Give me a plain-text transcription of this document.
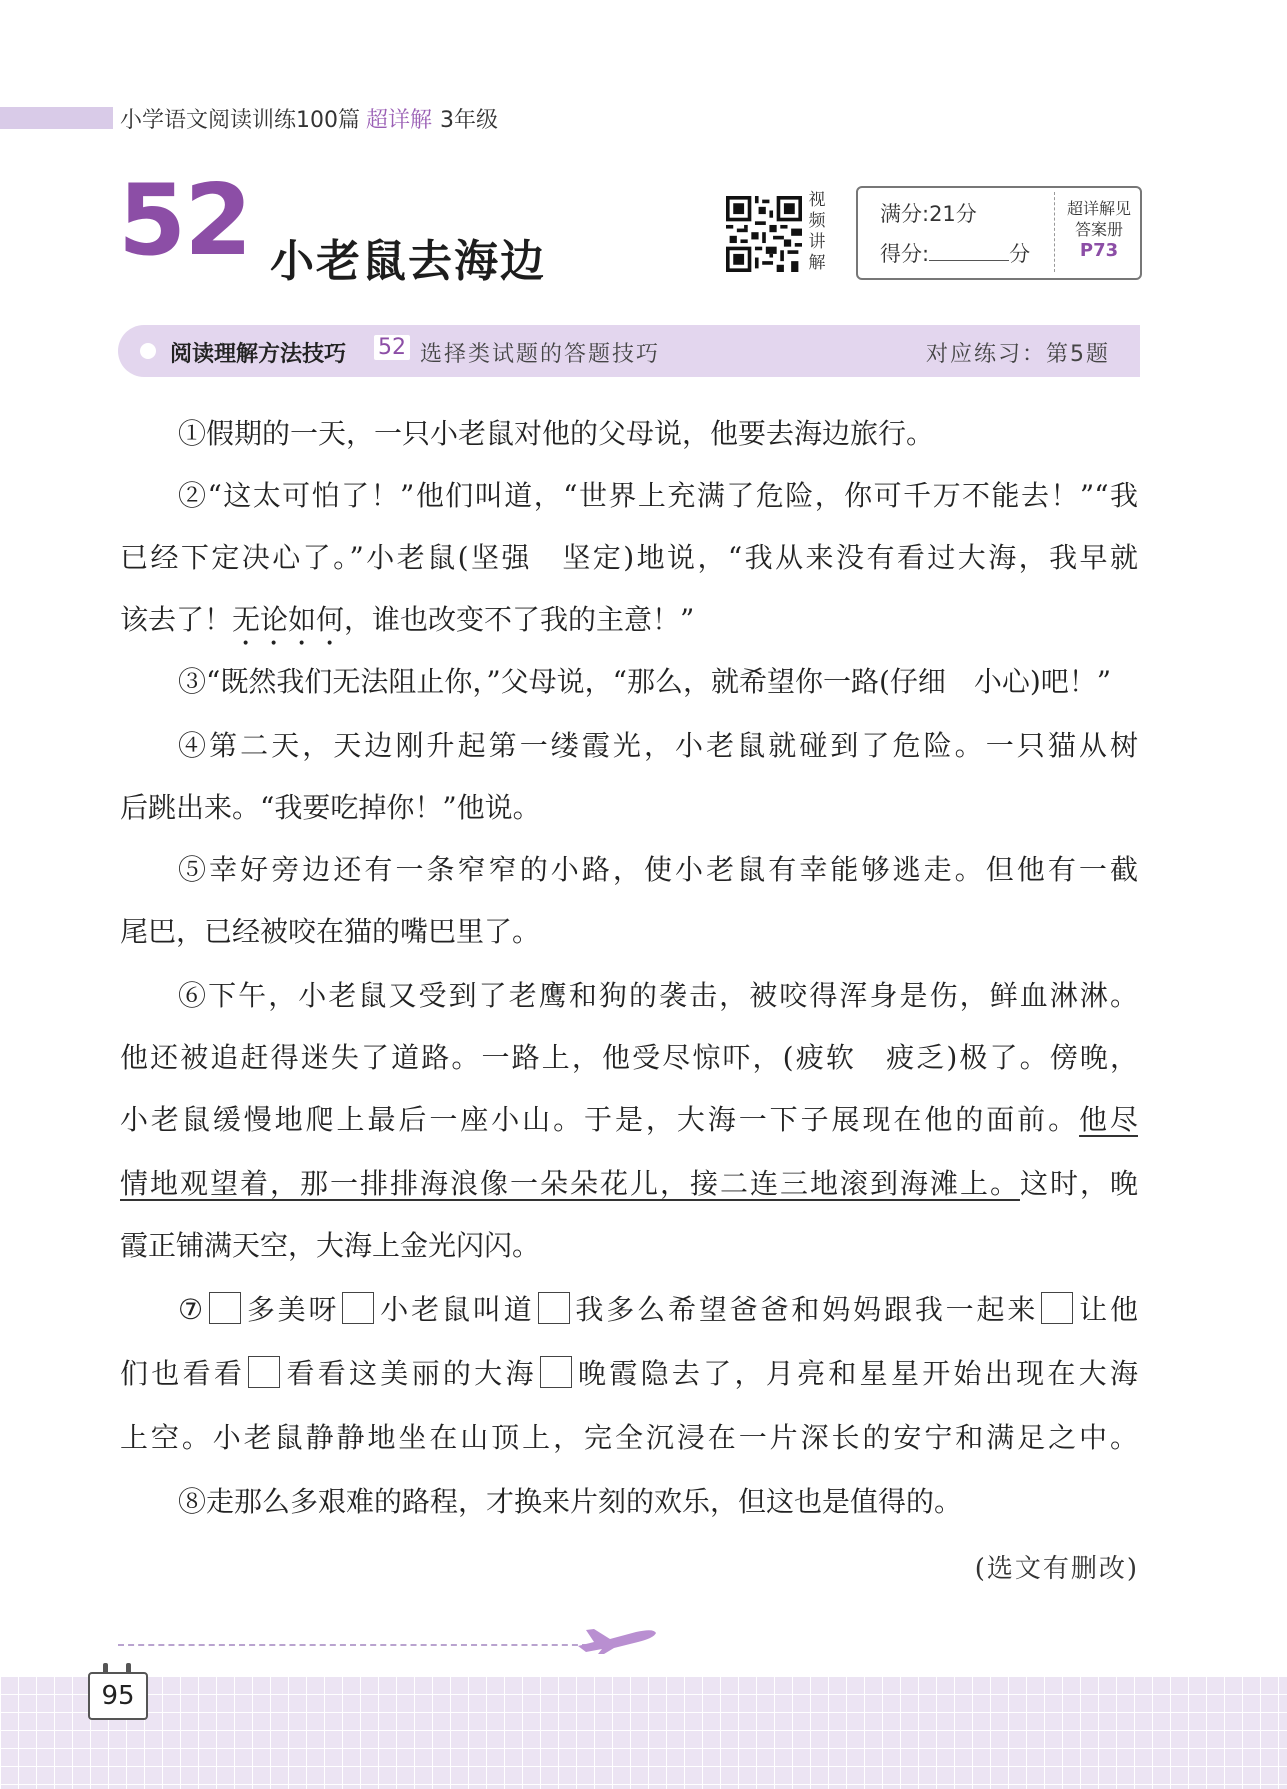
小学语文阅读训练100篇 超详解 3年级
52 小老鼠去海边
视
频
讲
解
满分:21分
得分:	分
超详解见
答案册
P73
阅读理解方法技巧 52 选择类试题的答题技巧	对应练习：第5题
①假期的一天，一只小老鼠对他的父母说，他要去海边旅行。
②“这太可怕了！”他们叫道，“世界上充满了危险，你可千万不能去！”“我
已经下定决心了。”小老鼠(坚强　坚定)地说，“我从来没有看过大海，我早就
该去了！无论如何，谁也改变不了我的主意！”
③“既然我们无法阻止你，”父母说，“那么，就希望你一路(仔细　小心)吧！”
④第二天，天边刚升起第一缕霞光，小老鼠就碰到了危险。一只猫从树
后跳出来。“我要吃掉你！”他说。
⑤幸好旁边还有一条窄窄的小路，使小老鼠有幸能够逃走。但他有一截
尾巴，已经被咬在猫的嘴巴里了。
⑥下午，小老鼠又受到了老鹰和狗的袭击，被咬得浑身是伤，鲜血淋淋。
他还被追赶得迷失了道路。一路上，他受尽惊吓，(疲软　疲乏)极了。傍晚，
小老鼠缓慢地爬上最后一座小山。于是，大海一下子展现在他的面前。他尽
情地观望着，那一排排海浪像一朵朵花儿，接二连三地滚到海滩上。这时，晚
霞正铺满天空，大海上金光闪闪。
⑦ 多美呀 小老鼠叫道 我多么希望爸爸和妈妈跟我一起来 让他
们也看看 看看这美丽的大海 晚霞隐去了，月亮和星星开始出现在大海
上空。小老鼠静静地坐在山顶上，完全沉浸在一片深长的安宁和满足之中。
⑧走那么多艰难的路程，才换来片刻的欢乐，但这也是值得的。
(选文有删改)
95
